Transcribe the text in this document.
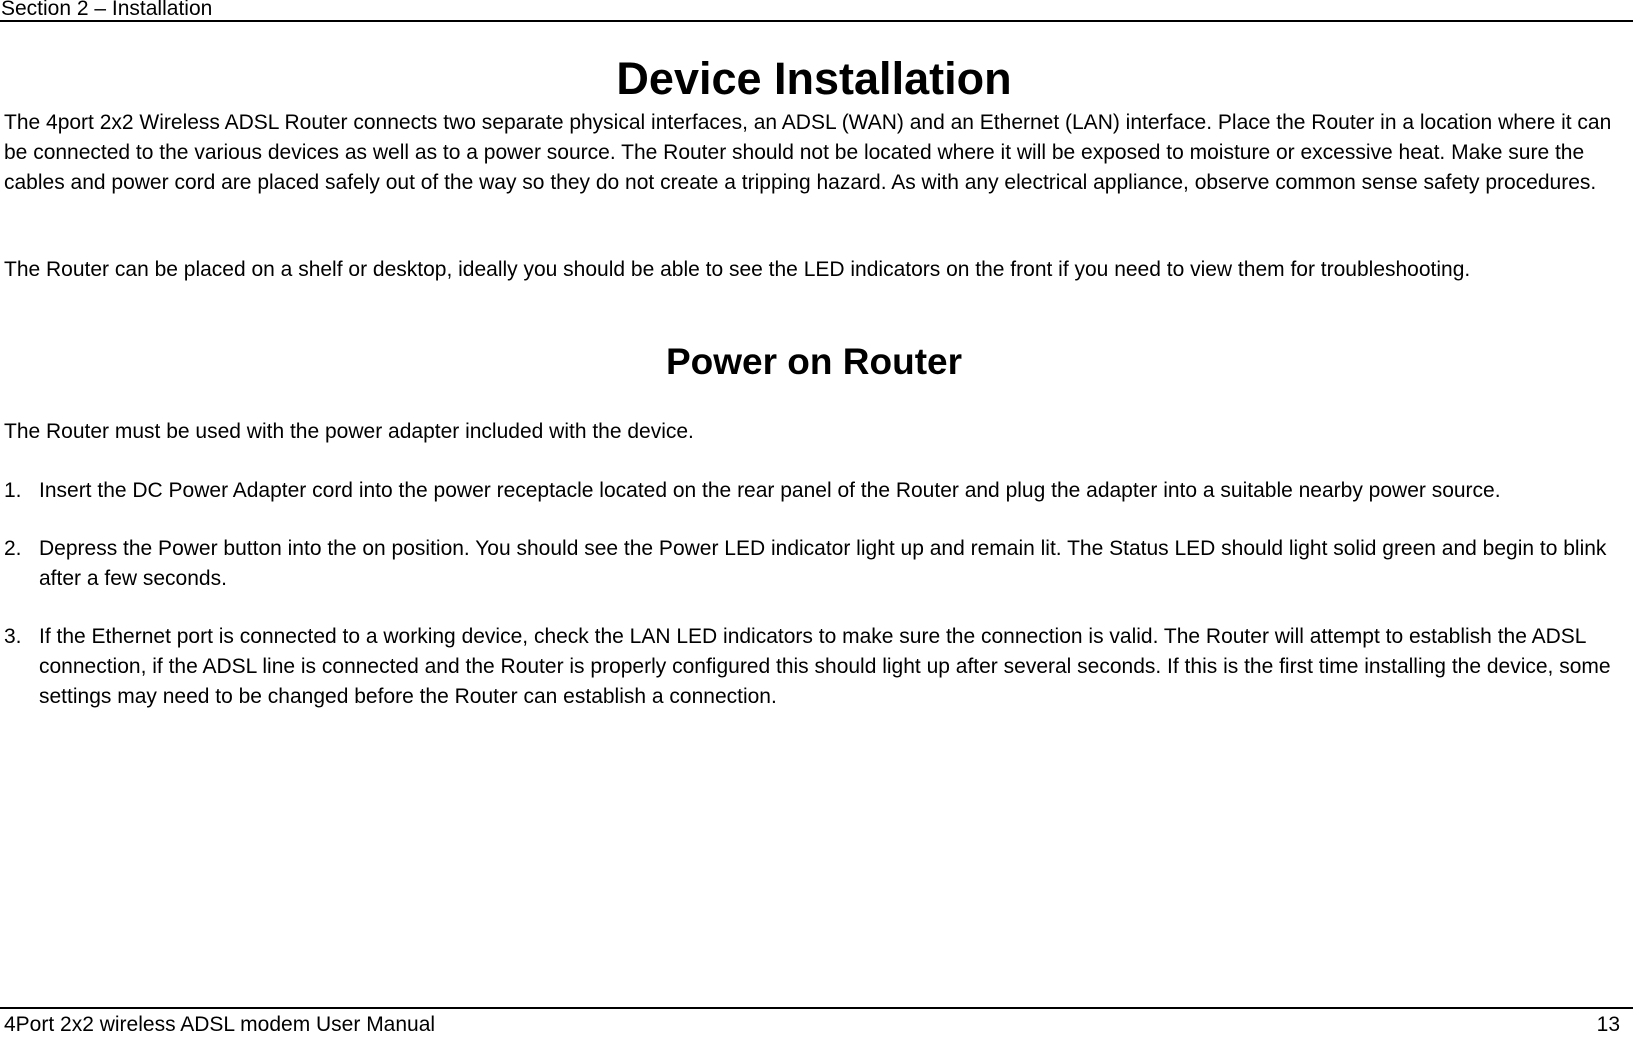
Section 2 – Installation
Device Installation

The 4port 2x2 Wireless ADSL Router connects two separate physical interfaces, an ADSL (WAN) and an Ethernet (LAN) interface. Place the Router in a location where it can be connected to the various devices as well as to a power source. The Router should not be located where it will be exposed to moisture or excessive heat. Make sure the cables and power cord are placed safely out of the way so they do not create a tripping hazard. As with any electrical appliance, observe common sense safety procedures.

The Router can be placed on a shelf or desktop, ideally you should be able to see the LED indicators on the front if you need to view them for troubleshooting.

Power on Router

The Router must be used with the power adapter included with the device.

1. Insert the DC Power Adapter cord into the power receptacle located on the rear panel of the Router and plug the adapter into a suitable nearby power source.
2. Depress the Power button into the on position. You should see the Power LED indicator light up and remain lit. The Status LED should light solid green and begin to blink after a few seconds.
3. If the Ethernet port is connected to a working device, check the LAN LED indicators to make sure the connection is valid. The Router will attempt to establish the ADSL connection, if the ADSL line is connected and the Router is properly configured this should light up after several seconds. If this is the first time installing the device, some settings may need to be changed before the Router can establish a connection.
4Port 2x2 wireless ADSL modem User Manual	13
